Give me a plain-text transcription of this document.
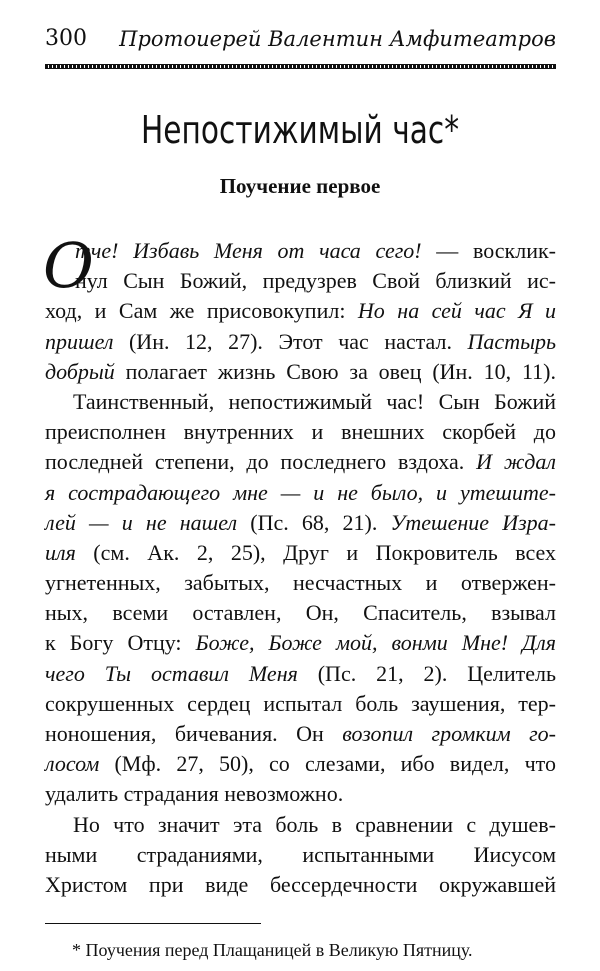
300 Протоиерей Валентин Амфитеатров
Непостижимый час*
Поучение первое
О
тче! Избавь Меня от часа сего! — восклик-
нул Сын Божий, предузрев Свой близкий ис-
ход, и Сам же присовокупил: Но на сей час Я и
пришел (Ин. 12, 27). Этот час настал. Пастырь
добрый полагает жизнь Свою за овец (Ин. 10, 11).
Таинственный, непостижимый час! Сын Божий
преисполнен внутренних и внешних скорбей до
последней степени, до последнего вздоха. И ждал
я сострадающего мне — и не было, и утешите-
лей — и не нашел (Пс. 68, 21). Утешение Изра-
иля (см. Ак. 2, 25), Друг и Покровитель всех
угнетенных, забытых, несчастных и отвержен-
ных, всеми оставлен, Он, Спаситель, взывал
к Богу Отцу: Боже, Боже мой, вонми Мне! Для
чего Ты оставил Меня (Пс. 21, 2). Целитель
сокрушенных сердец испытал боль заушения, тер-
ноношения, бичевания. Он возопил громким го-
лосом (Мф. 27, 50), со слезами, ибо видел, что
удалить страдания невозможно.
Но что значит эта боль в сравнении с душев-
ными страданиями, испытанными Иисусом
Христом при виде бессердечности окружавшей
* Поучения перед Плащаницей в Великую Пятницу.
